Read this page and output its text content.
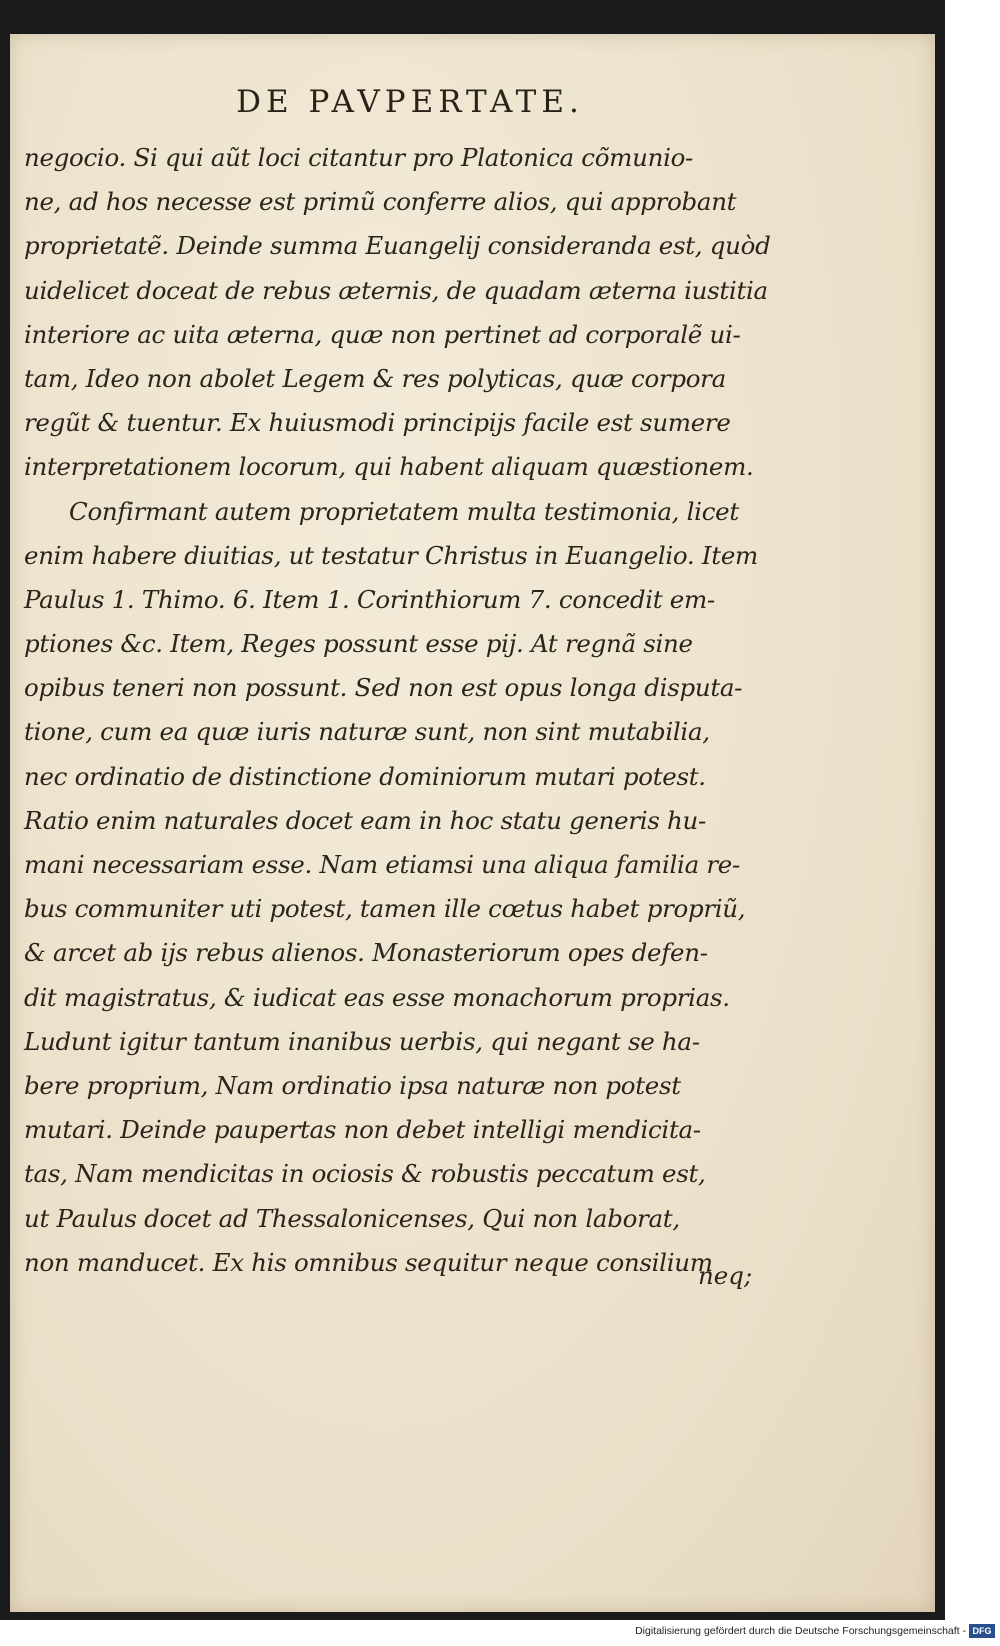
DE PAVPERTATE.
negocio. Si qui aũt loci citantur pro Platonica cõmunio-
ne, ad hos necesse est primũ conferre alios, qui approbant
proprietatẽ. Deinde summa Euangelij consideranda est, quòd
uidelicet doceat de rebus æternis, de quadam æterna iustitia
interiore ac uita æterna, quæ non pertinet ad corporalẽ ui-
tam, Ideo non abolet Legem & res polyticas, quæ corpora
regũt & tuentur. Ex huiusmodi principijs facile est sumere
interpretationem locorum, qui habent aliquam quæstionem.
Confirmant autem proprietatem multa testimonia, licet
enim habere diuitias, ut testatur Christus in Euangelio. Item
Paulus 1. Thimo. 6. Item 1. Corinthiorum 7. concedit em-
ptiones &c. Item, Reges possunt esse pij. At regnã sine
opibus teneri non possunt. Sed non est opus longa disputa-
tione, cum ea quæ iuris naturæ sunt, non sint mutabilia,
nec ordinatio de distinctione dominiorum mutari potest.
Ratio enim naturales docet eam in hoc statu generis hu-
mani necessariam esse. Nam etiamsi una aliqua familia re-
bus communiter uti potest, tamen ille cœtus habet propriũ,
& arcet ab ijs rebus alienos. Monasteriorum opes defen-
dit magistratus, & iudicat eas esse monachorum proprias.
Ludunt igitur tantum inanibus uerbis, qui negant se ha-
bere proprium, Nam ordinatio ipsa naturæ non potest
mutari. Deinde paupertas non debet intelligi mendicita-
tas, Nam mendicitas in ociosis & robustis peccatum est,
ut Paulus docet ad Thessalonicenses, Qui non laborat,
non manducet. Ex his omnibus sequitur neque consilium
neq;
Digitalisierung gefördert durch die Deutsche Forschungsgemeinschaft - DFG
